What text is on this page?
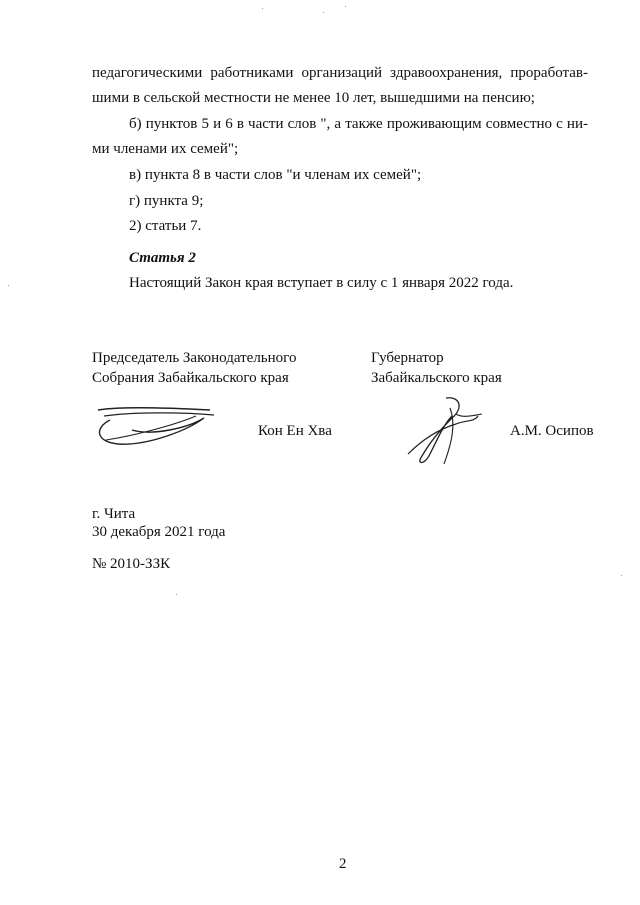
педагогическими работниками организаций здравоохранения, проработав-
шими в сельской местности не менее 10 лет, вышедшими на пенсию;
б) пунктов 5 и 6 в части слов ", а также проживающим совместно с ни-
ми членами их семей";
в) пункта 8 в части слов "и членам их семей";
г) пункта 9;
2) статьи 7.
Статья 2
Настоящий Закон края вступает в силу с 1 января 2022 года.
Председатель Законодательного
Собрания Забайкальского края
Губернатор
Забайкальского края
Кон Ен Хва	А.М. Осипов
г. Чита
30 декабря 2021 года
№ 2010-ЗЗК
2
